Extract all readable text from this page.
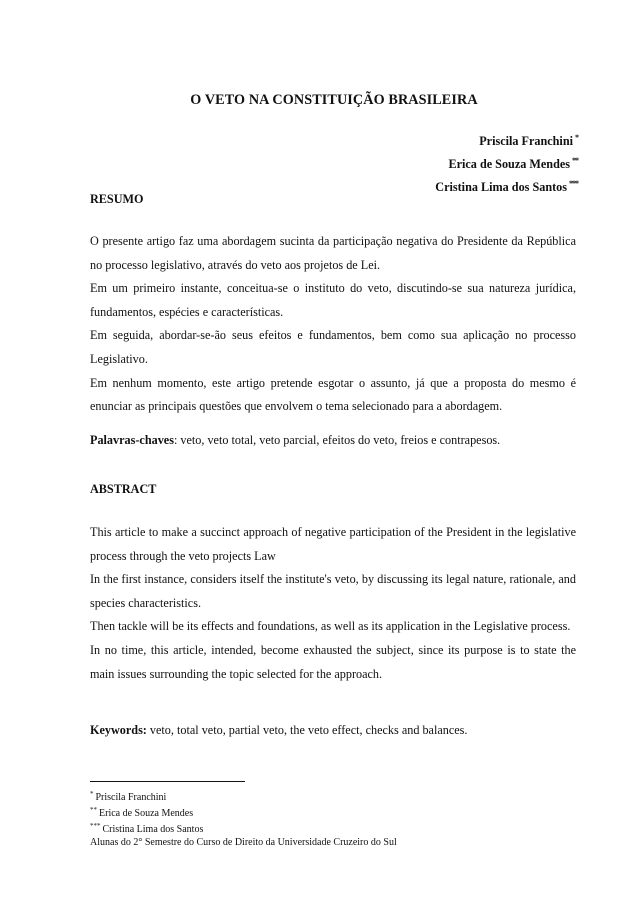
O VETO NA CONSTITUIÇÃO BRASILEIRA
Priscila Franchini *
Erica de Souza Mendes **
Cristina Lima dos Santos ***
RESUMO

O presente artigo faz uma abordagem sucinta da participação negativa do Presidente da República no processo legislativo, através do veto aos projetos de Lei.

Em um primeiro instante, conceitua-se o instituto do veto, discutindo-se sua natureza jurídica, fundamentos, espécies e características.

Em seguida, abordar-se-ão seus efeitos e fundamentos, bem como sua aplicação no processo Legislativo.

Em nenhum momento, este artigo pretende esgotar o assunto, já que a proposta do mesmo é enunciar as principais questões que envolvem o tema selecionado para a abordagem.

Palavras-chaves: veto, veto total, veto parcial, efeitos do veto, freios e contrapesos.
ABSTRACT

This article to make a succinct approach of negative participation of the President in the legislative process through the veto projects Law

In the first instance, considers itself the institute's veto, by discussing its legal nature, rationale, and species characteristics.

Then tackle will be its effects and foundations, as well as its application in the Legislative process.

In no time, this article, intended, become exhausted the subject, since its purpose is to state the main issues surrounding the topic selected for the approach.

Keywords: veto, total veto, partial veto, the veto effect, checks and balances.
* Priscila Franchini
** Erica de Souza Mendes
*** Cristina Lima dos Santos
Alunas do 2° Semestre do Curso de Direito da Universidade Cruzeiro do Sul
